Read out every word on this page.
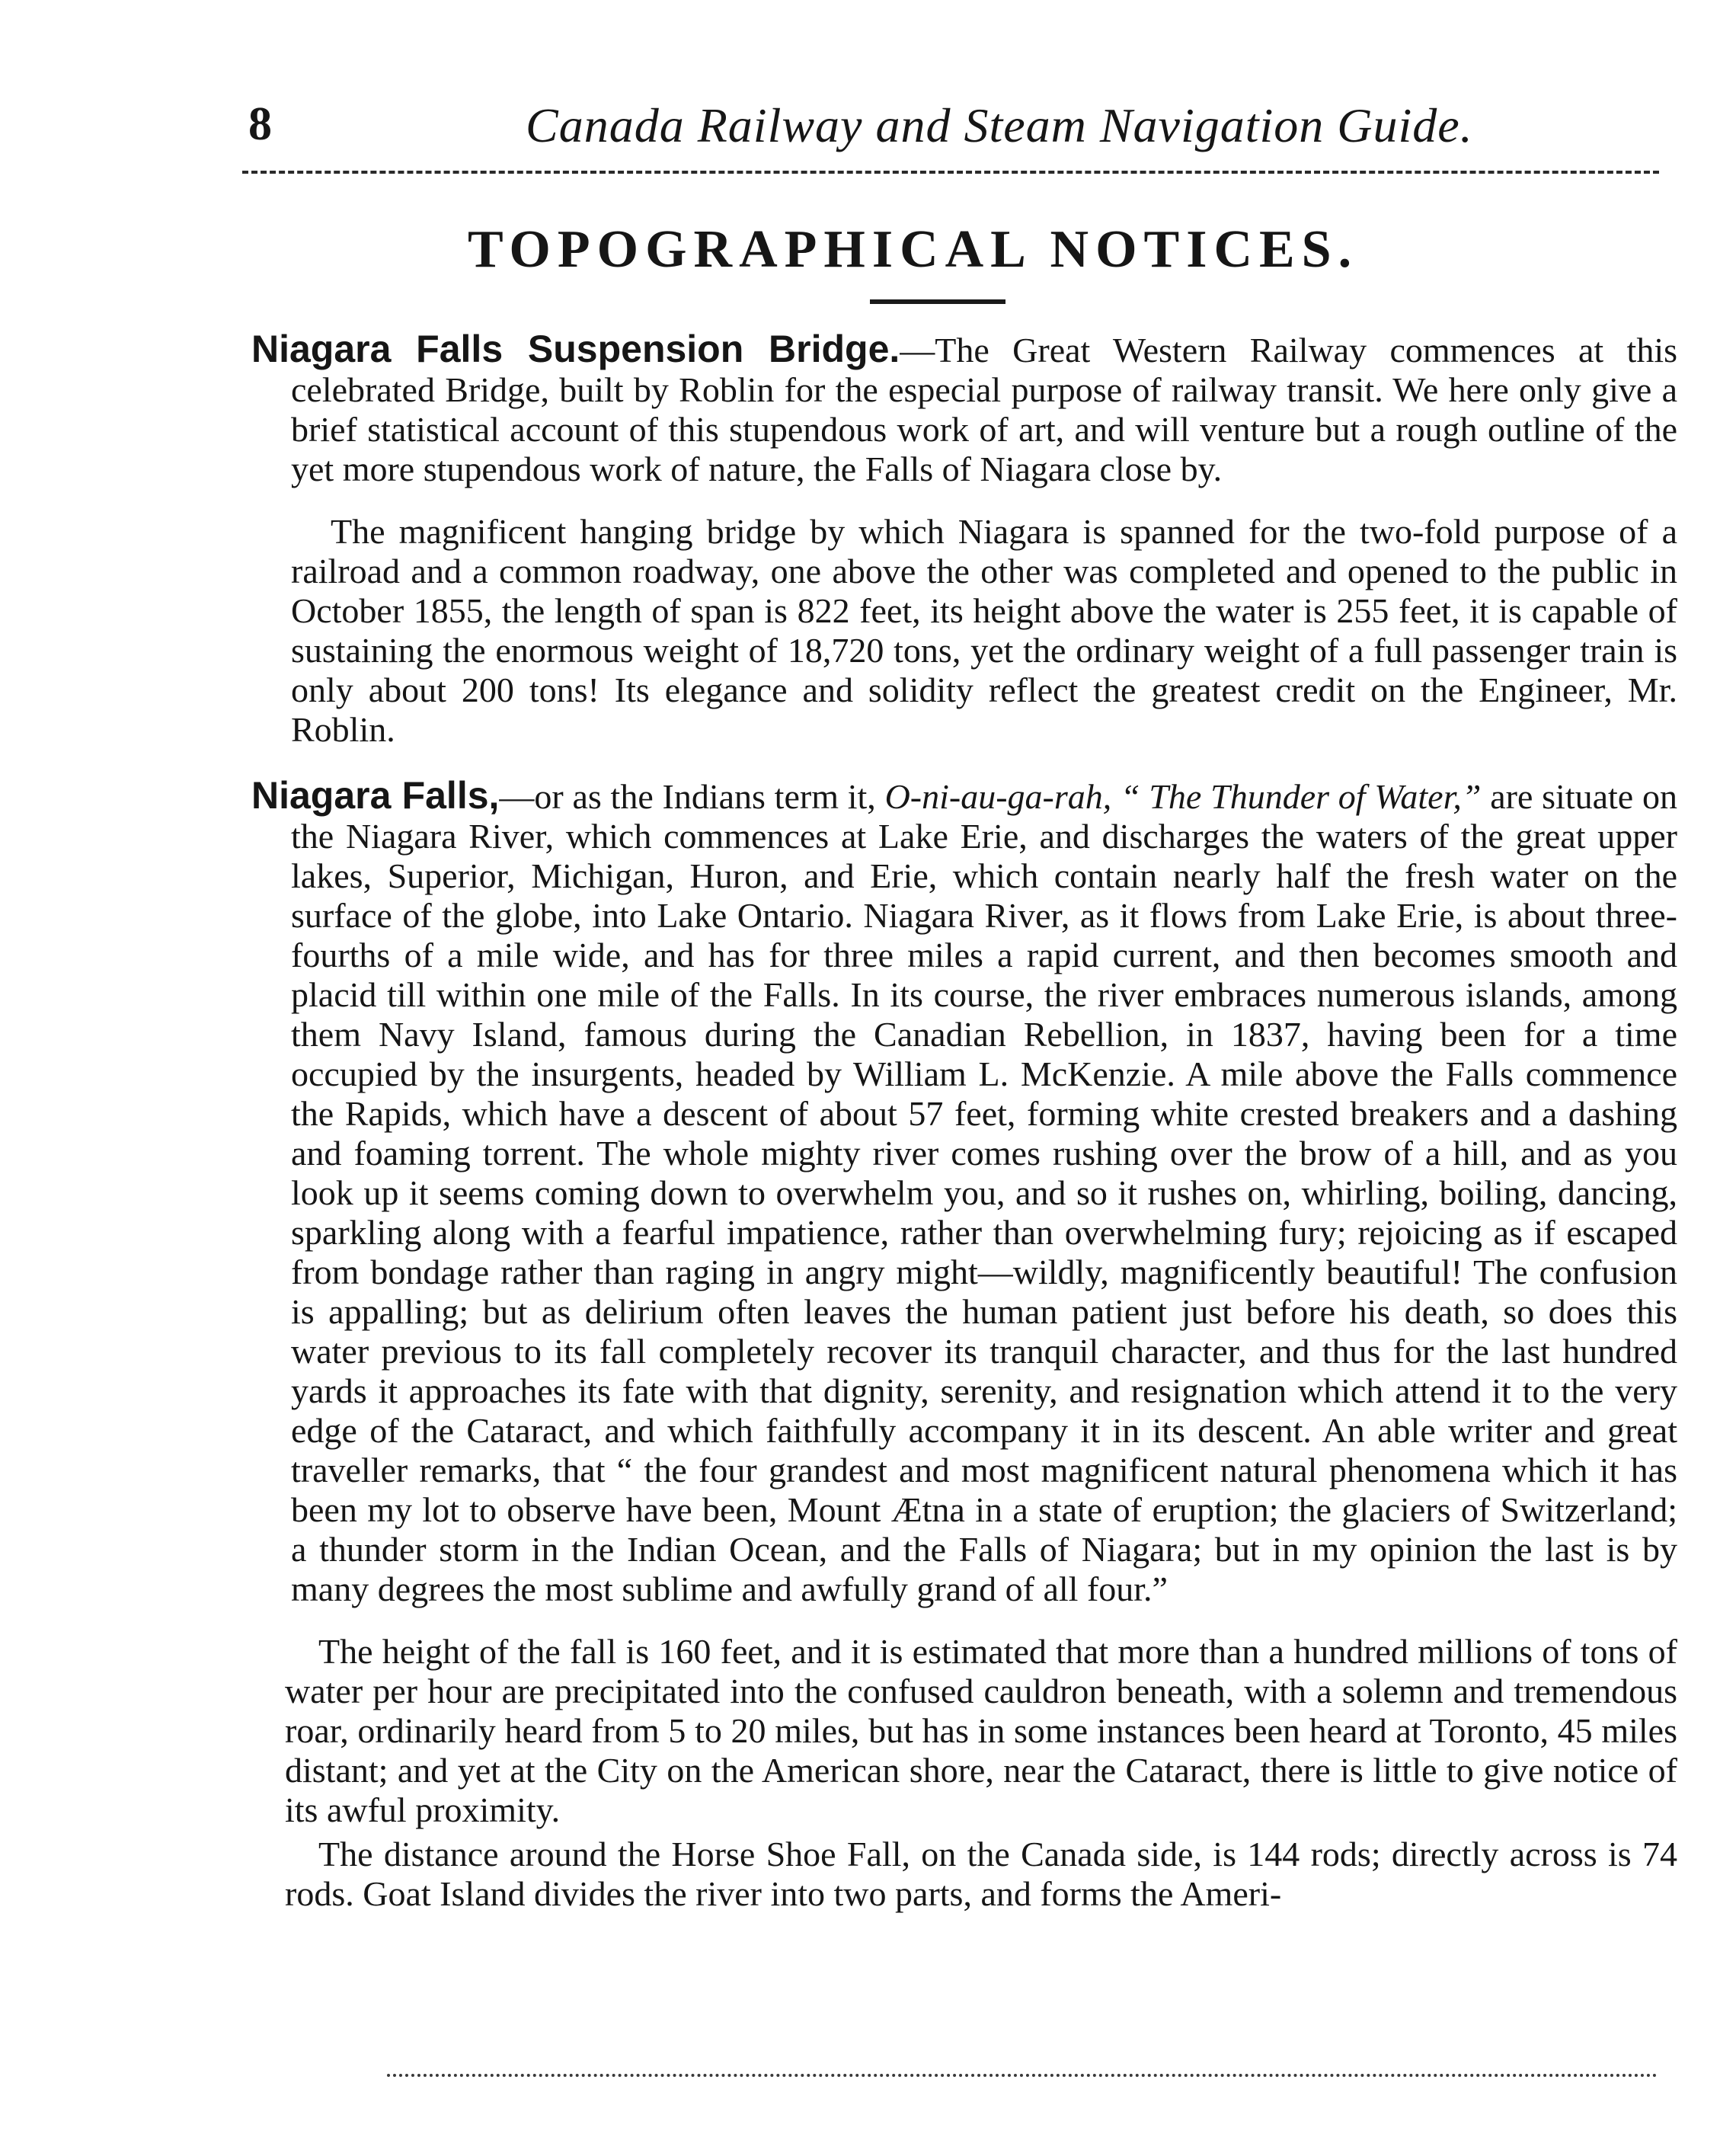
8	Canada Railway and Steam Navigation Guide.
TOPOGRAPHICAL NOTICES.

Niagara Falls Suspension Bridge.—The Great Western Railway commences at this celebrated Bridge, built by Roblin for the especial purpose of railway transit. We here only give a brief statistical account of this stupendous work of art, and will venture but a rough outline of the yet more stupendous work of nature, the Falls of Niagara close by.

The magnificent hanging bridge by which Niagara is spanned for the two-fold purpose of a railroad and a common roadway, one above the other was completed and opened to the public in October 1855, the length of span is 822 feet, its height above the water is 255 feet, it is capable of sustaining the enormous weight of 18,720 tons, yet the ordinary weight of a full passenger train is only about 200 tons! Its elegance and solidity reflect the greatest credit on the Engineer, Mr. Roblin.

Niagara Falls,—or as the Indians term it, O-ni-au-ga-rah, “ The Thunder of Water,” are situate on the Niagara River, which commences at Lake Erie, and discharges the waters of the great upper lakes, Superior, Michigan, Huron, and Erie, which contain nearly half the fresh water on the surface of the globe, into Lake Ontario. Niagara River, as it flows from Lake Erie, is about three-fourths of a mile wide, and has for three miles a rapid current, and then becomes smooth and placid till within one mile of the Falls. In its course, the river embraces numerous islands, among them Navy Island, famous during the Canadian Rebellion, in 1837, having been for a time occupied by the insurgents, headed by William L. McKenzie. A mile above the Falls commence the Rapids, which have a descent of about 57 feet, forming white crested breakers and a dashing and foaming torrent. The whole mighty river comes rushing over the brow of a hill, and as you look up it seems coming down to overwhelm you, and so it rushes on, whirling, boiling, dancing, sparkling along with a fearful impatience, rather than overwhelming fury; rejoicing as if escaped from bondage rather than raging in angry might—wildly, magnificently beautiful! The confusion is appalling; but as delirium often leaves the human patient just before his death, so does this water previous to its fall completely recover its tranquil character, and thus for the last hundred yards it approaches its fate with that dignity, serenity, and resignation which attend it to the very edge of the Cataract, and which faithfully accompany it in its descent. An able writer and great traveller remarks, that “ the four grandest and most magnificent natural phenomena which it has been my lot to observe have been, Mount Ætna in a state of eruption; the glaciers of Switzerland; a thunder storm in the Indian Ocean, and the Falls of Niagara; but in my opinion the last is by many degrees the most sublime and awfully grand of all four.”

The height of the fall is 160 feet, and it is estimated that more than a hundred millions of tons of water per hour are precipitated into the confused cauldron beneath, with a solemn and tremendous roar, ordinarily heard from 5 to 20 miles, but has in some instances been heard at Toronto, 45 miles distant; and yet at the City on the American shore, near the Cataract, there is little to give notice of its awful proximity.

The distance around the Horse Shoe Fall, on the Canada side, is 144 rods; directly across is 74 rods. Goat Island divides the river into two parts, and forms the Ameri-
